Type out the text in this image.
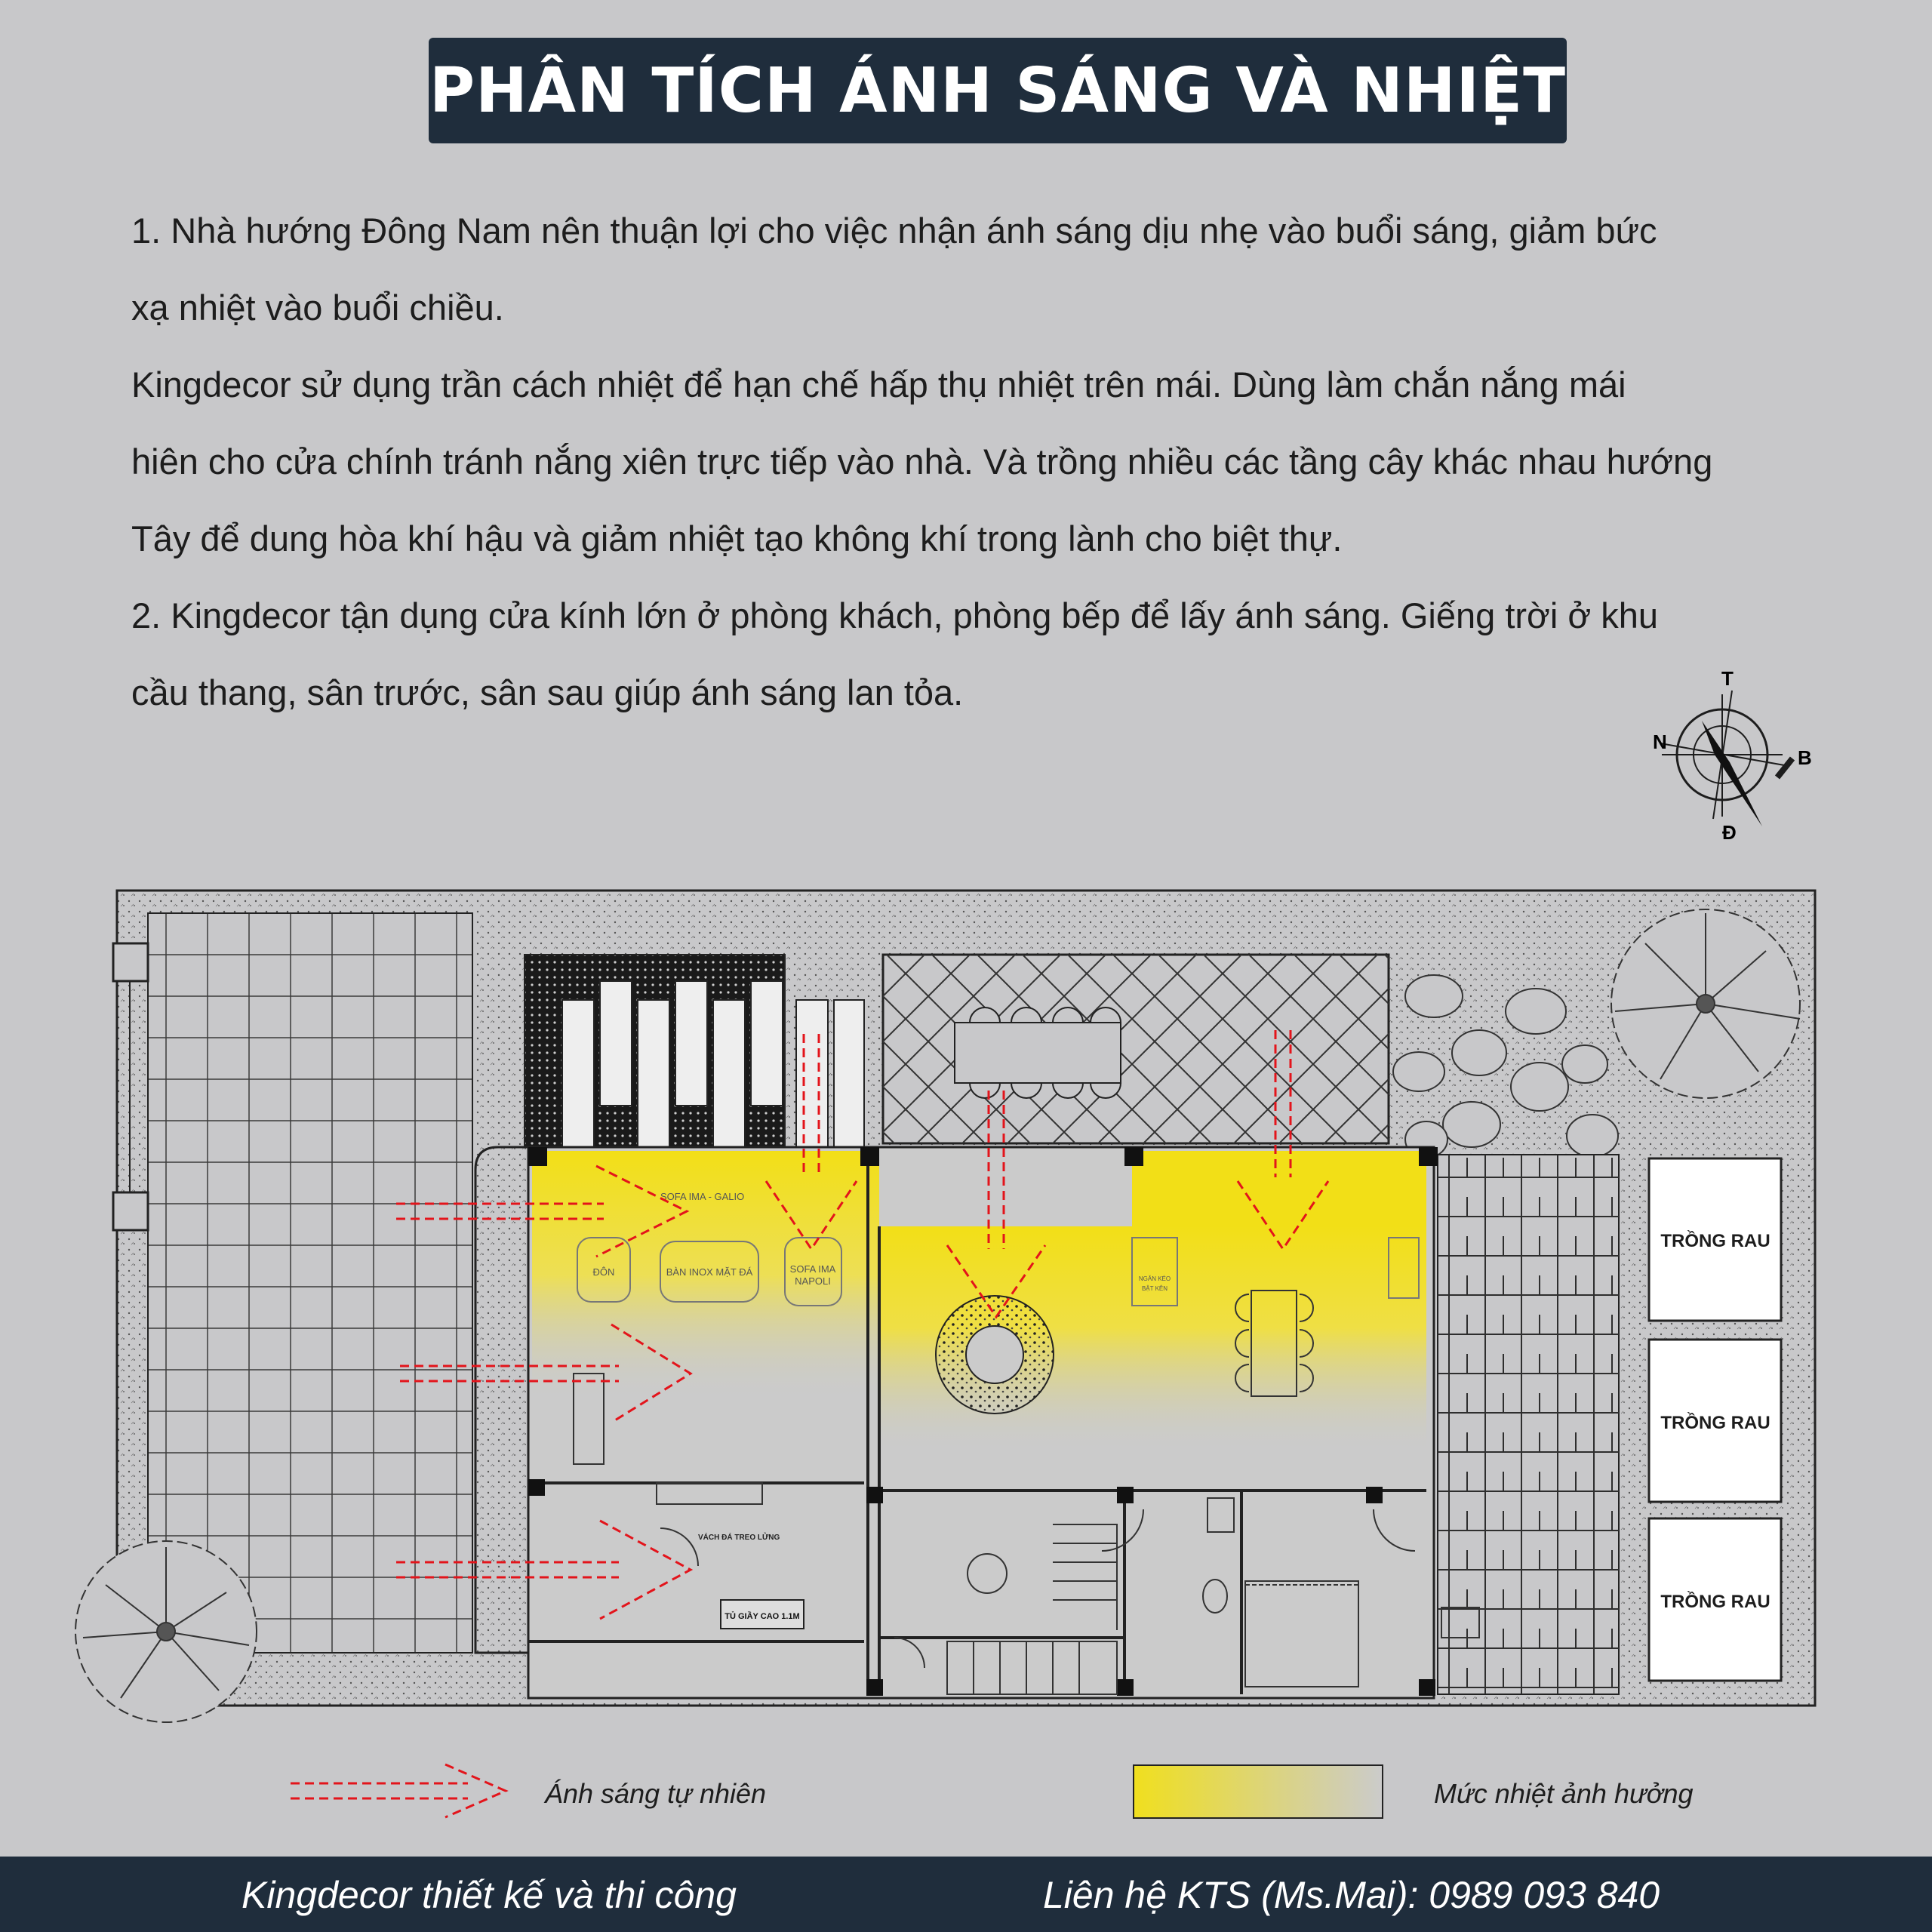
PHÂN TÍCH ÁNH SÁNG VÀ NHIỆT

1. Nhà hướng Đông Nam nên thuận lợi cho việc nhận ánh sáng dịu nhẹ vào buổi sáng, giảm bức

xạ nhiệt vào buổi chiều.

Kingdecor sử dụng trần cách nhiệt để hạn chế hấp thụ nhiệt trên mái. Dùng làm chắn nắng mái

hiên cho cửa chính tránh nắng xiên trực tiếp vào nhà. Và trồng nhiều các tầng cây khác nhau hướng

Tây để dung hòa khí hậu và giảm nhiệt tạo không khí trong lành cho biệt thự.

2. Kingdecor tận dụng cửa kính lớn ở phòng khách, phòng bếp để lấy ánh sáng. Giếng trời ở khu

cầu thang, sân trước, sân sau giúp ánh sáng lan tỏa.	T
N
B
Đ
TRỒNG RAU
TRỒNG RAU
TRỒNG RAU
SOFA IMA - GALIO
ĐÔN	BÀN INOX MẶT ĐÁ	SOFA IMA
NAPOLI	NGĂN KÉO
BẬT KÊN
VÁCH ĐÁ TREO LỬNG
TỦ GIẦY CAO 1.1M
Ánh sáng tự nhiên	Mức nhiệt ảnh hưởng
Kingdecor thiết kế và thi công	Liên hệ KTS (Ms.Mai): 0989 093 840
